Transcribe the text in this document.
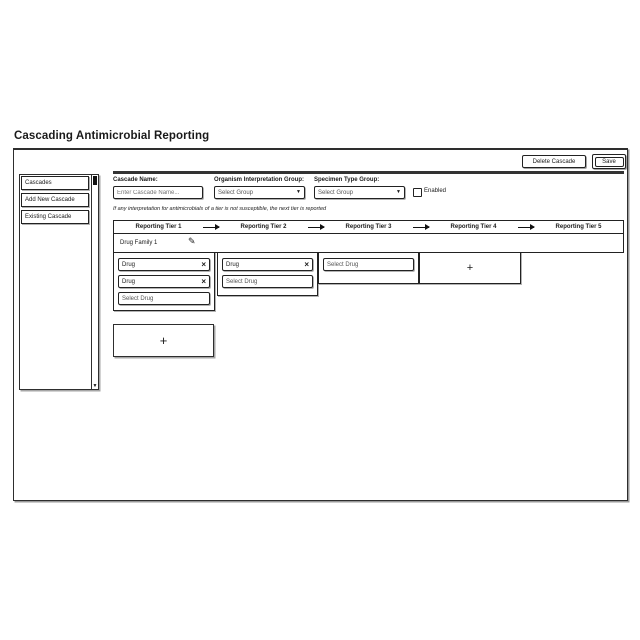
Cascading Antimicrobial Reporting
Delete Cascade	Save
Cascades
Add New Cascade
Existing Cascade
▼
Cascade Name:	Organism Interpretation Group: Specimen Type Group:
Enter Cascade Name...
Select Group	▼	Select Group	▼	Enabled
If any interpretation for antimicrobials of a tier is not susceptible, the next tier is reported
Reporting Tier 1	Reporting Tier 2	Reporting Tier 3	Reporting Tier 4	Reporting Tier 5
Drug Family 1	✎
Drug	×
Drug	×
Select Drug
Drug	×
Select Drug
Select Drug	+
+
